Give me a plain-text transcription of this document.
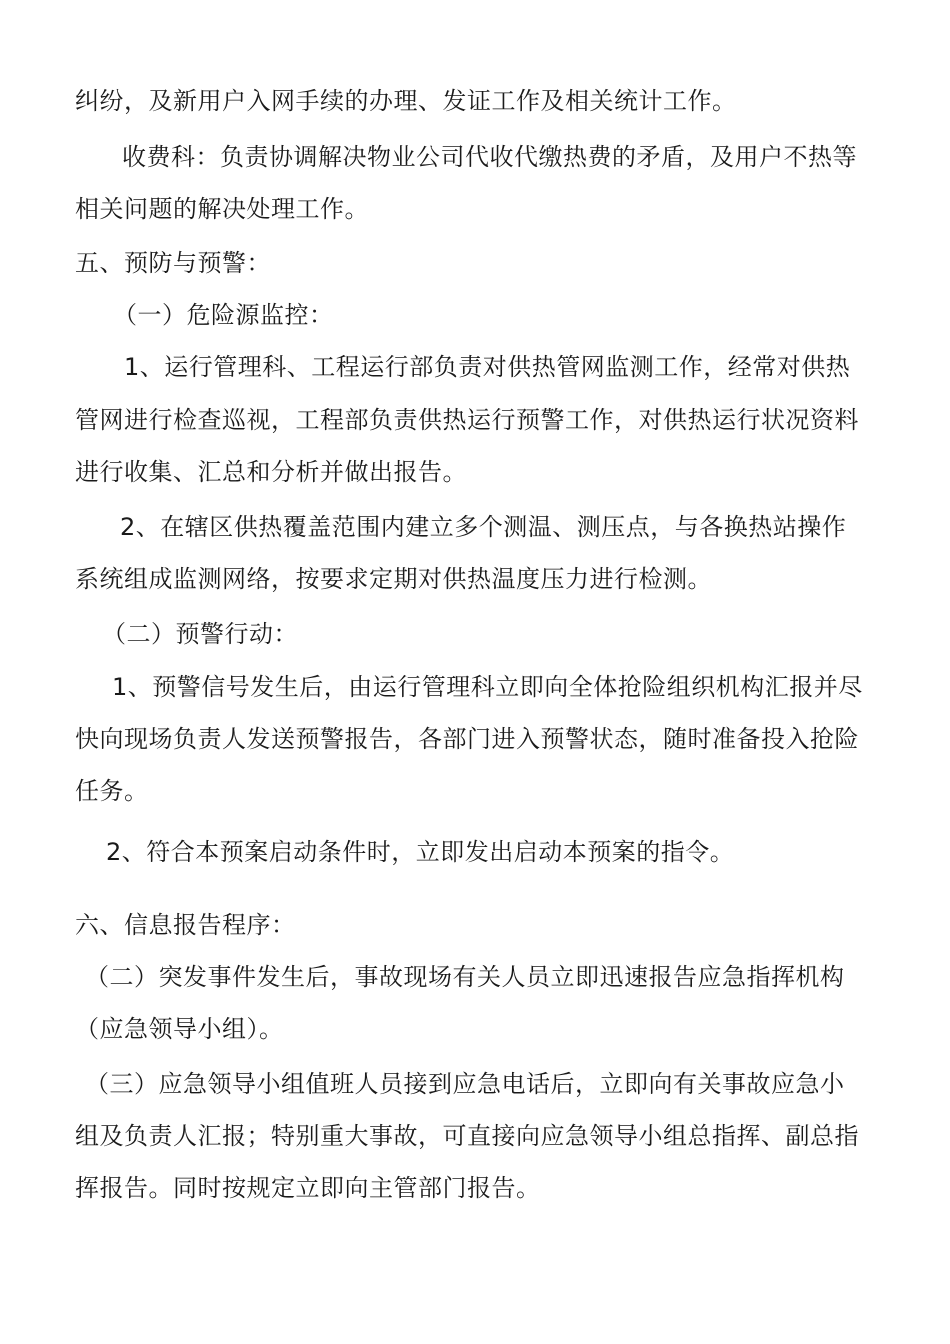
纠纷，及新用户入网手续的办理、发证工作及相关统计工作。
收费科：负责协调解决物业公司代收代缴热费的矛盾，及用户不热等
相关问题的解决处理工作。
五、预防与预警：
（一）危险源监控：
1、运行管理科、工程运行部负责对供热管网监测工作，经常对供热
管网进行检查巡视，工程部负责供热运行预警工作，对供热运行状况资料
进行收集、汇总和分析并做出报告。
2、在辖区供热覆盖范围内建立多个测温、测压点，与各换热站操作
系统组成监测网络，按要求定期对供热温度压力进行检测。
（二）预警行动：
1、预警信号发生后，由运行管理科立即向全体抢险组织机构汇报并尽
快向现场负责人发送预警报告，各部门进入预警状态，随时准备投入抢险
任务。
2、符合本预案启动条件时，立即发出启动本预案的指令。
六、信息报告程序：
（二）突发事件发生后，事故现场有关人员立即迅速报告应急指挥机构
（应急领导小组）。
（三）应急领导小组值班人员接到应急电话后，立即向有关事故应急小
组及负责人汇报；特别重大事故，可直接向应急领导小组总指挥、副总指
挥报告。同时按规定立即向主管部门报告。
